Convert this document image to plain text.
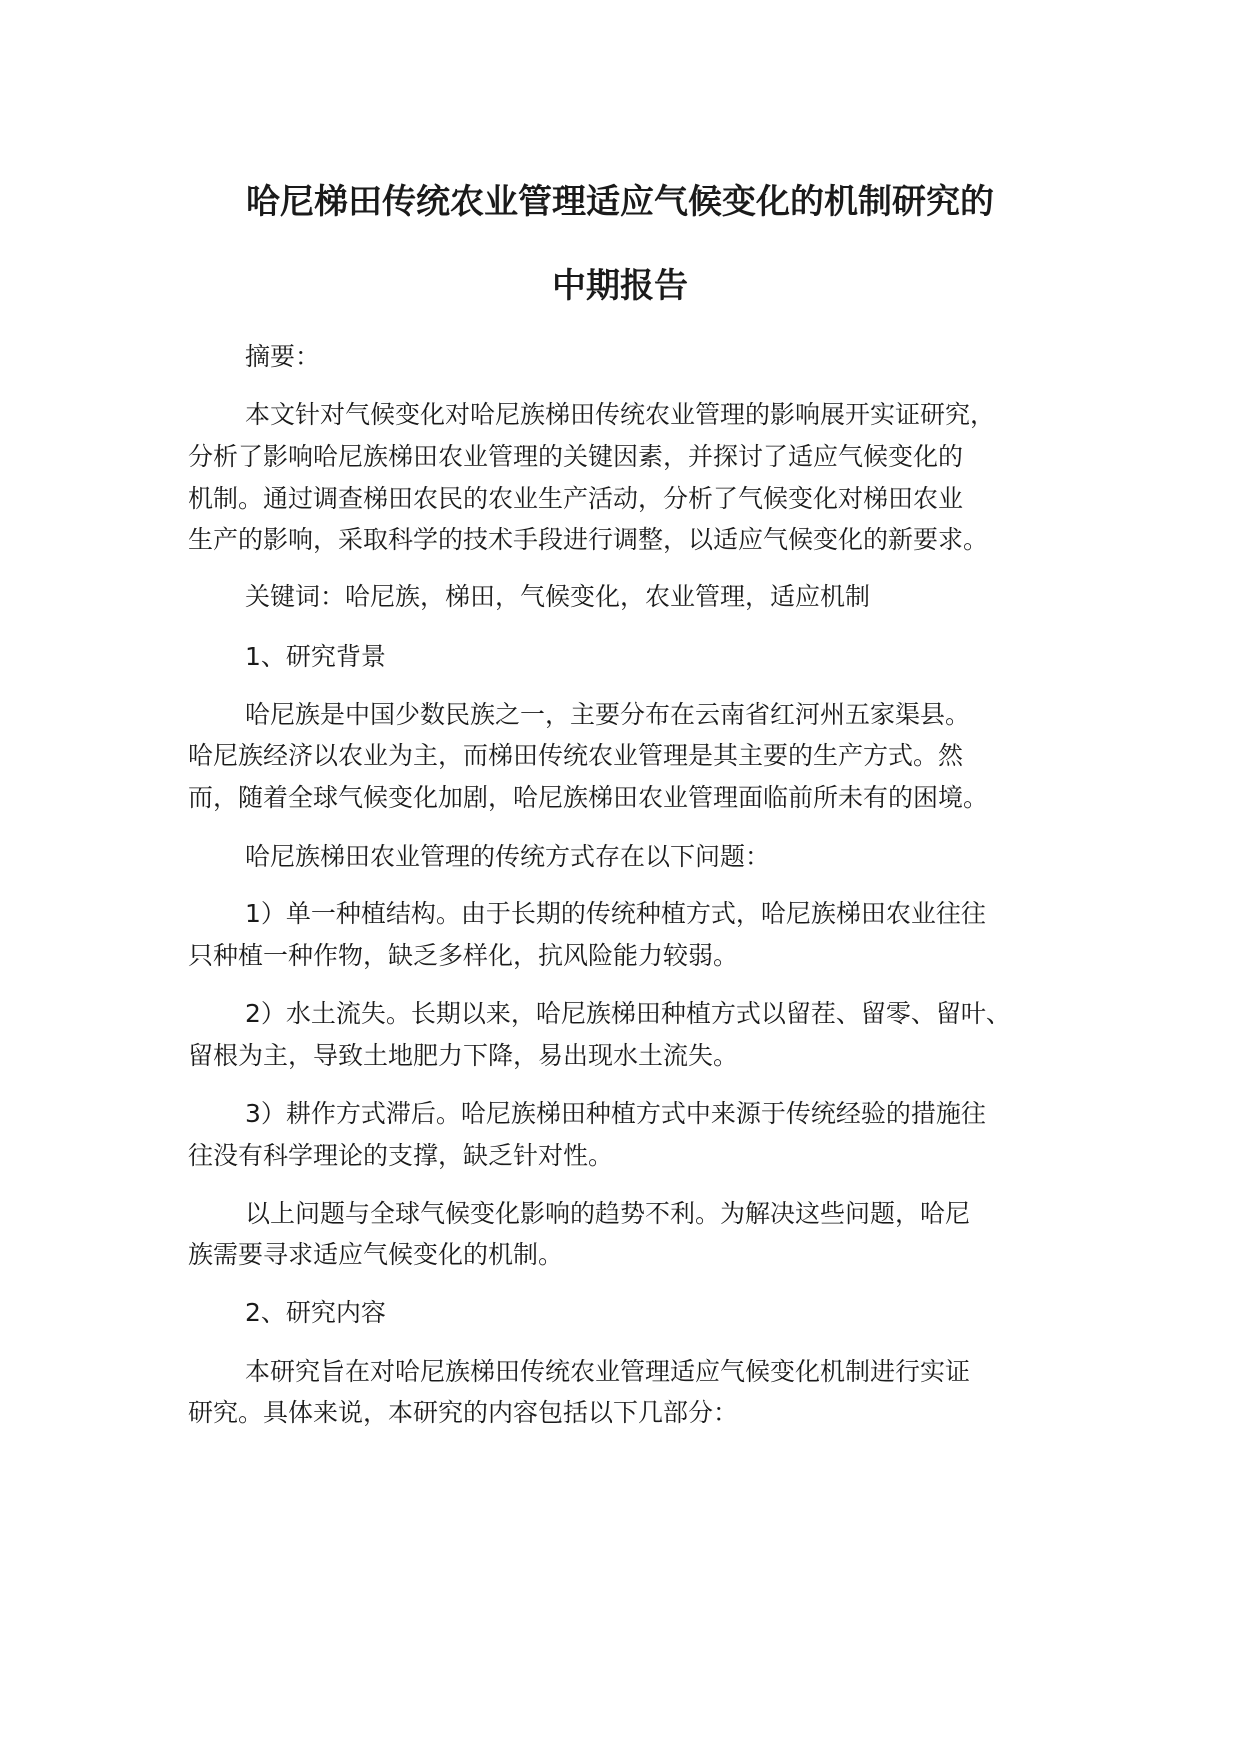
哈尼梯田传统农业管理适应气候变化的机制研究的
中期报告

摘要：

本文针对气候变化对哈尼族梯田传统农业管理的影响展开实证研究，

分析了影响哈尼族梯田农业管理的关键因素，并探讨了适应气候变化的

机制。通过调查梯田农民的农业生产活动，分析了气候变化对梯田农业

生产的影响，采取科学的技术手段进行调整，以适应气候变化的新要求。

关键词：哈尼族，梯田，气候变化，农业管理，适应机制

1、研究背景

哈尼族是中国少数民族之一，主要分布在云南省红河州五家渠县。

哈尼族经济以农业为主，而梯田传统农业管理是其主要的生产方式。然

而，随着全球气候变化加剧，哈尼族梯田农业管理面临前所未有的困境。

哈尼族梯田农业管理的传统方式存在以下问题：

1）单一种植结构。由于长期的传统种植方式，哈尼族梯田农业往往

只种植一种作物，缺乏多样化，抗风险能力较弱。

2）水土流失。长期以来，哈尼族梯田种植方式以留茬、留零、留叶、

留根为主，导致土地肥力下降，易出现水土流失。

3）耕作方式滞后。哈尼族梯田种植方式中来源于传统经验的措施往

往没有科学理论的支撑，缺乏针对性。

以上问题与全球气候变化影响的趋势不利。为解决这些问题，哈尼

族需要寻求适应气候变化的机制。

2、研究内容

本研究旨在对哈尼族梯田传统农业管理适应气候变化机制进行实证

研究。具体来说，本研究的内容包括以下几部分：
